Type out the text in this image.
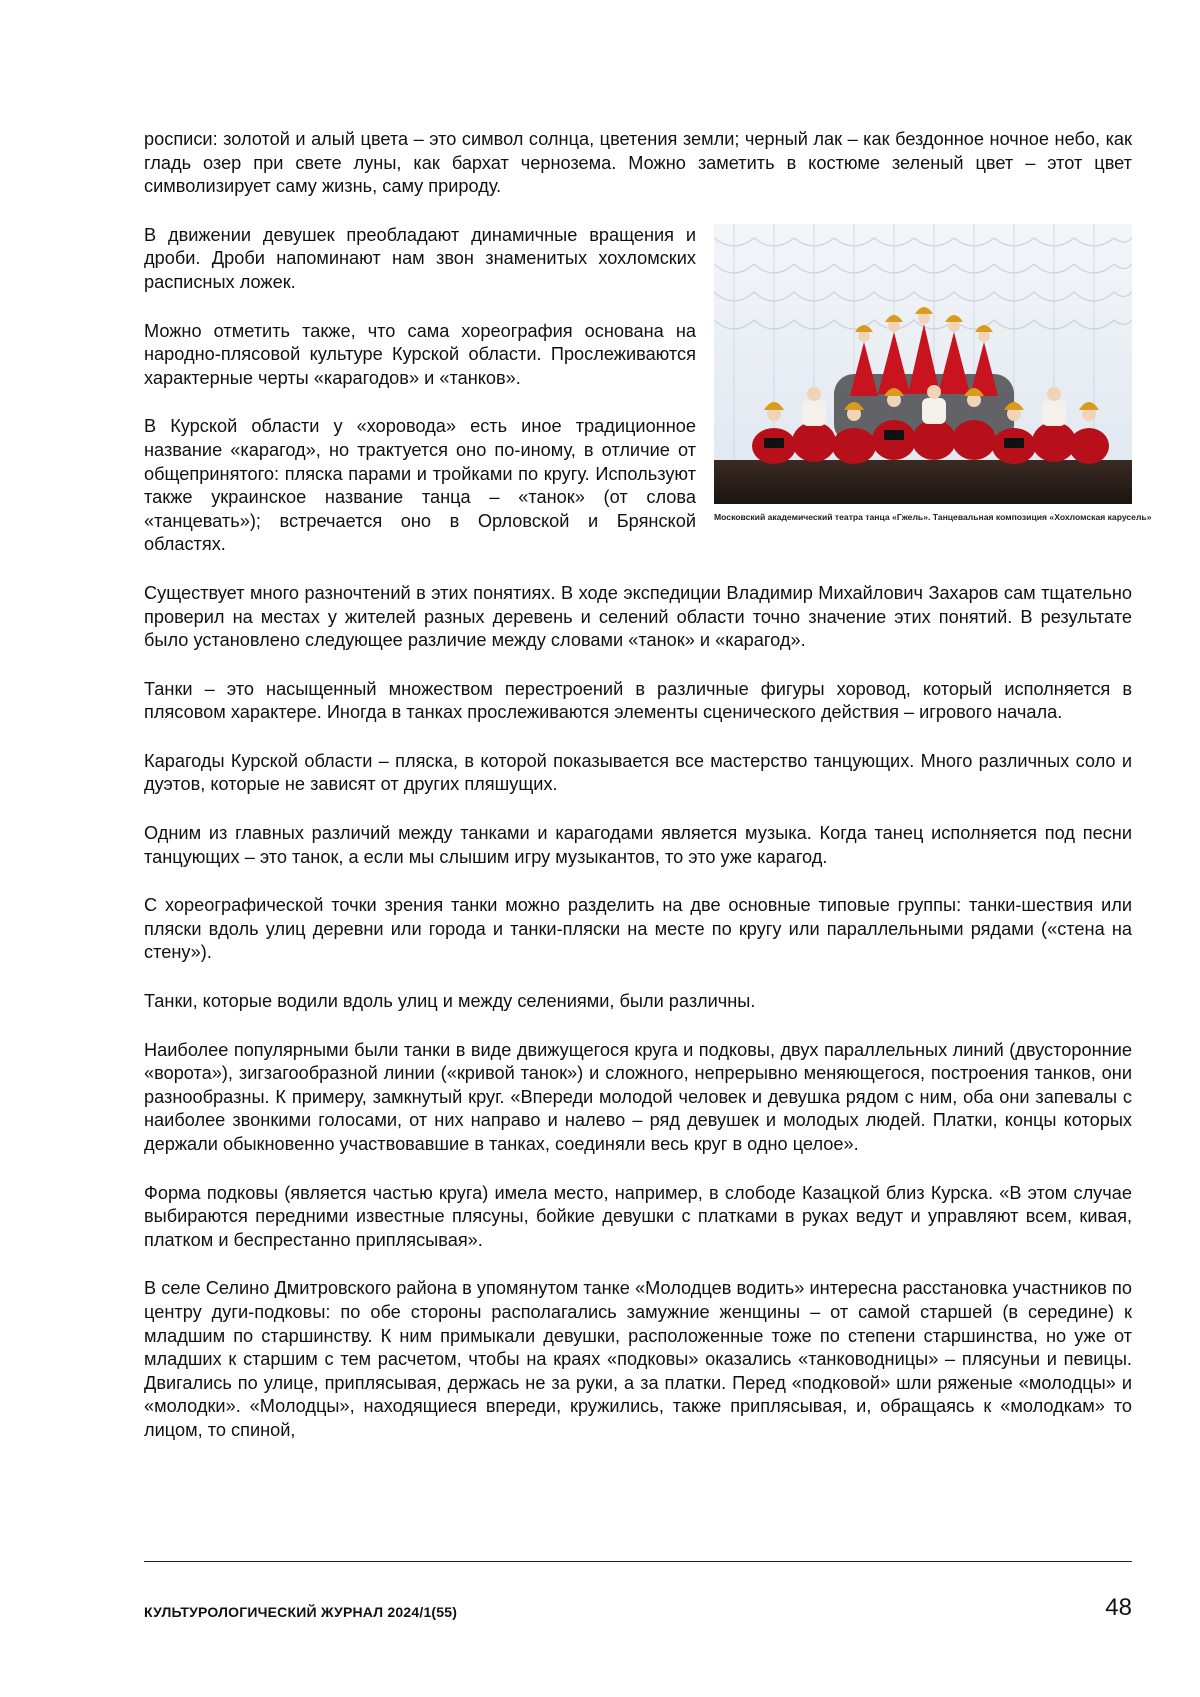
росписи: золотой и алый цвета – это символ солнца, цветения земли; черный лак – как бездонное ночное небо, как гладь озер при свете луны, как бархат чернозема. Можно заметить в костюме зеленый цвет – этот цвет символизирует саму жизнь, саму природу.

Московский академический театра танца «Гжель». Танцевальная композиция «Хохломская карусель»

В движении девушек преобладают динамичные вращения и дроби. Дроби напоминают нам звон знаменитых хохломских расписных ложек.

Можно отметить также, что сама хореография основана на народно-плясовой культуре Курской области. Прослеживаются характерные черты «карагодов» и «танков».

В Курской области у «хоровода» есть иное традиционное название «карагод», но трактуется оно по-иному, в отличие от общепринятого: пляска парами и тройками по кругу. Используют также украинское название танца – «танок» (от слова «танцевать»); встречается оно в Орловской и Брянской областях.

Существует много разночтений в этих понятиях. В ходе экспедиции Владимир Михайлович Захаров сам тщательно проверил на местах у жителей разных деревень и селений области точно значение этих понятий. В результате было установлено следующее различие между словами «танок» и «карагод».

Танки – это насыщенный множеством перестроений в различные фигуры хоровод, который исполняется в плясовом характере. Иногда в танках прослеживаются элементы сценического действия – игрового начала.

Карагоды Курской области – пляска, в которой показывается все мастерство танцующих. Много различных соло и дуэтов, которые не зависят от других пляшущих.

Одним из главных различий между танками и карагодами является музыка. Когда танец исполняется под песни танцующих – это танок, а если мы слышим игру музыкантов, то это уже карагод.

С хореографической точки зрения танки можно разделить на две основные типовые группы: танки-шествия или пляски вдоль улиц деревни или города и танки-пляски на месте по кругу или параллельными рядами («стена на стену»).

Танки, которые водили вдоль улиц и между селениями, были различны.

Наиболее популярными были танки в виде движущегося круга и подковы, двух параллельных линий (двусторонние «ворота»), зигзагообразной линии («кривой танок») и сложного, непрерывно меняющегося, построения танков, они разнообразны. К примеру, замкнутый круг. «Впереди молодой человек и девушка рядом с ним, оба они запевалы с наиболее звонкими голосами, от них направо и налево – ряд девушек и молодых людей. Платки, концы которых держали обыкновенно участвовавшие в танках, соединяли весь круг в одно целое».

Форма подковы (является частью круга) имела место, например, в слободе Казацкой близ Курска. «В этом случае выбираются передними известные плясуны, бойкие девушки с платками в руках ведут и управляют всем, кивая, платком и беспрестанно приплясывая».

В селе Селино Дмитровского района в упомянутом танке «Молодцев водить» интересна расстановка участников по центру дуги-подковы: по обе стороны располагались замужние женщины – от самой старшей (в середине) к младшим по старшинству. К ним примыкали девушки, расположенные тоже по степени старшинства, но уже от младших к старшим с тем расчетом, чтобы на краях «подковы» оказались «танководницы» – плясуньи и певицы. Двигались по улице, приплясывая, держась не за руки, а за платки. Перед «подковой» шли ряженые «молодцы» и «молодки». «Молодцы», находящиеся впереди, кружились, также приплясывая, и, обращаясь к «молодкам» то лицом, то спиной,

КУЛЬТУРОЛОГИЧЕСКИЙ ЖУРНАЛ 2024/1(55)	48
